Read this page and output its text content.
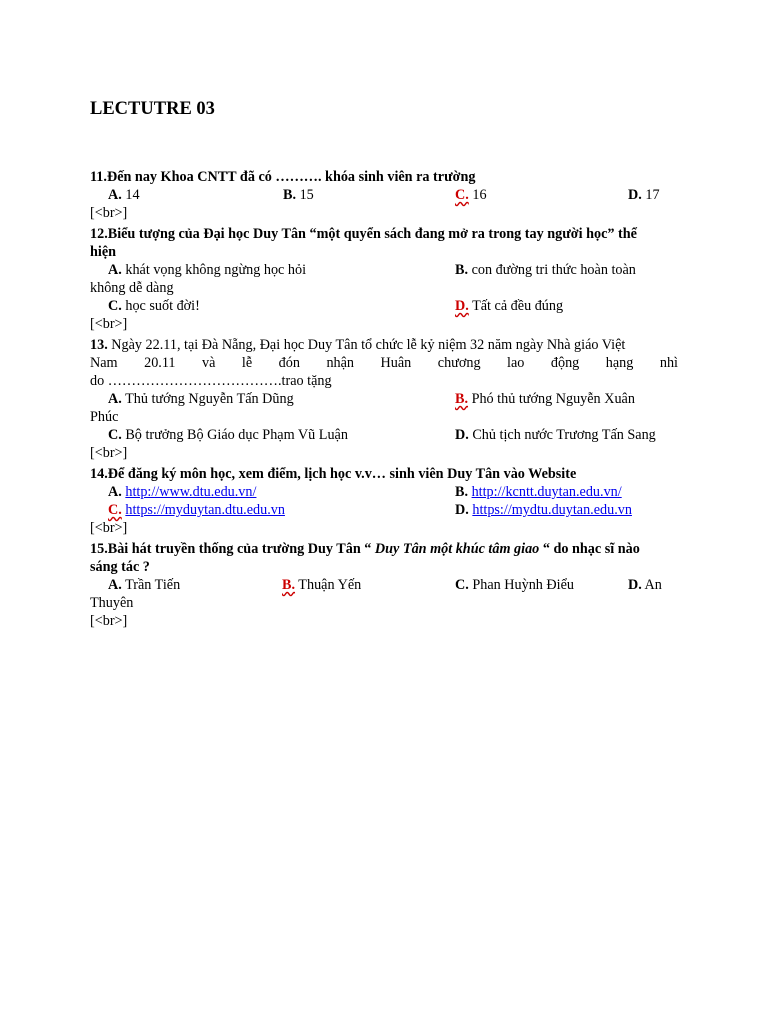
LECTUTRE 03
11.Đến nay Khoa CNTT đã có ………. khóa sinh viên ra trường
A. 14	B. 15	C. 16	D. 17
[<br>]
12.Biểu tượng của Đại học Duy Tân “một quyển sách đang mở ra trong tay người học” thể
hiện
A. khát vọng không ngừng học hỏi	B. con đường tri thức hoàn toàn
không dễ dàng
C. học suốt đời!	D. Tất cả đều đúng
[<br>]
13. Ngày 22.11, tại Đà Nẵng, Đại học Duy Tân tổ chức lễ kỷ niệm 32 năm ngày Nhà giáo Việt
Nam 20.11 và lễ đón nhận Huân chương lao động hạng nhì
do ……………………………….trao tặng
A. Thủ tướng Nguyễn Tấn Dũng	B. Phó thủ tướng Nguyễn Xuân
Phúc
C. Bộ trưởng Bộ Giáo dục Phạm Vũ Luận	D. Chủ tịch nước Trương Tấn Sang
[<br>]
14.Để đăng ký môn học, xem điểm, lịch học v.v… sinh viên Duy Tân vào Website
A. http://www.dtu.edu.vn/	B. http://kcntt.duytan.edu.vn/
C. https://myduytan.dtu.edu.vn	D. https://mydtu.duytan.edu.vn
[<br>]
15.Bài hát truyền thống của trường Duy Tân “ Duy Tân một khúc tâm giao “ do nhạc sĩ nào
sáng tác ?
A. Trần Tiến	B. Thuận Yến	C. Phan Huỳnh Điểu	D. An
Thuyên
[<br>]
